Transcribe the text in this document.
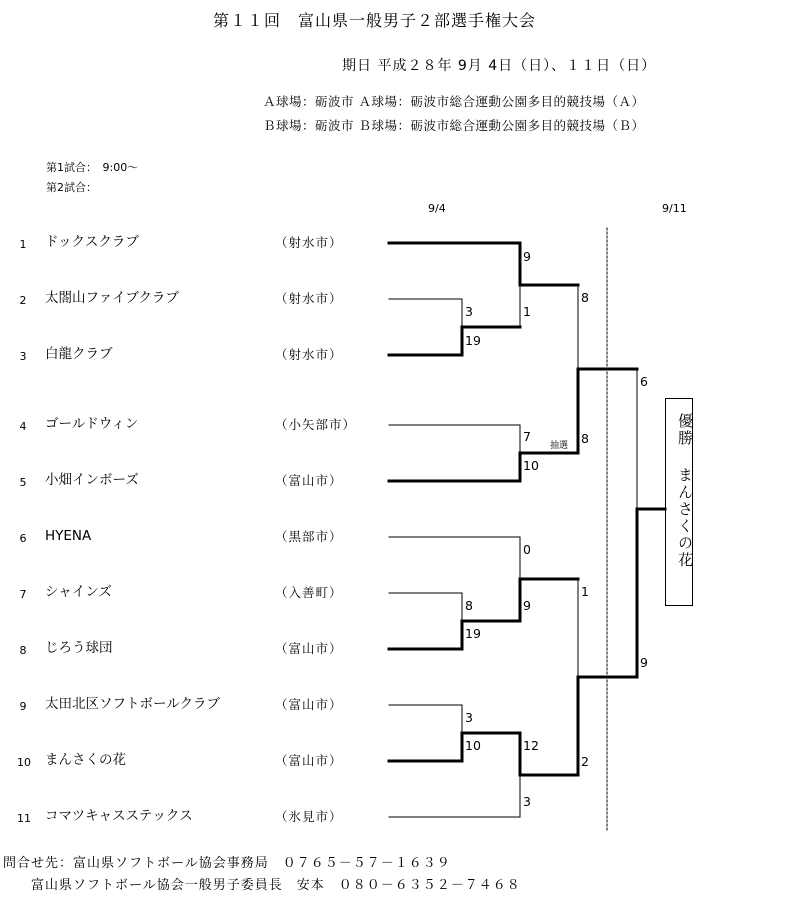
第１１回　富山県一般男子２部選手権大会
期日 平成２８年 9月 4日（日）、１１日（日）
Ａ球場：砺波市 Ａ球場：砺波市総合運動公園多目的競技場（Ａ）
Ｂ球場：砺波市 Ｂ球場：砺波市総合運動公園多目的競技場（Ｂ）
第1試合：　9:00～
第2試合：
9/4	9/11
1 ドックスクラブ	（射水市）
2 太閤山ファイブクラブ	（射水市）
3 白龍クラブ	（射水市）
4 ゴールドウィン	（小矢部市）
5 小畑インボーズ	（富山市）
6 HYENA	（黒部市）
7 シャインズ	（入善町）
8 じろう球団	（富山市）
9 太田北区ソフトボールクラブ	（富山市）
10 まんさくの花	（富山市）
11 コマツキャスステックス	（氷見市）
3
19
9
1
7
10
抽選
8
8
8
19
0
9
3
10	12
3
1
2
6
9
優勝
まんさくの花
問合せ先：富山県ソフトボール協会事務局　０７６５－５７－１６３９
富山県ソフトボール協会一般男子委員長　安本　０８０－６３５２－７４６８
